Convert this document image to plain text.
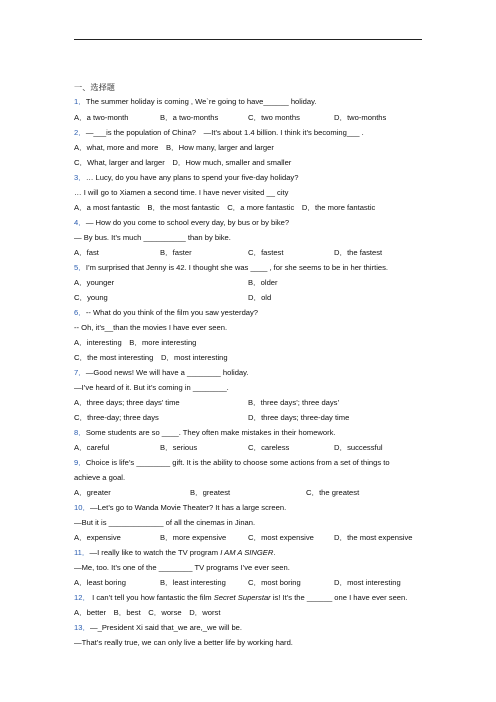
一、选择题
1．The summer holiday is coming , We`re going to have______ holiday.
A．a two-month	B．a two-months	C．two months	D．two-months
2．—___is the population of China?　—It’s about 1.4 billion. I think it’s becoming___ .
A．what, more and more　B．How many, larger and larger
C．What, larger and larger　D．How much, smaller and smaller
3．… Lucy, do you have any plans to spend your five-day holiday?
… I will go to Xiamen a second time. I have never visited __ city
A．a most fantastic　B．the most fantastic　C．a more fantastic　D．the more fantastic
4．— How do you come to school every day, by bus or by bike?
— By bus. It’s much __________ than by bike.
A．fast	B．faster	C．fastest	D．the fastest
5．I’m surprised that Jenny is 42. I thought she was ____ , for she seems to be in her thirties.
A．younger	B．older
C．young	D．old
6．-- What do you think of the film you saw yesterday?
-- Oh, it’s__than the movies I have ever seen.
A．interesting　B．more interesting
C．the most interesting　D．most interesting
7．—Good news! We will have a ________ holiday.
—I’ve heard of it. But it’s coming in ________.
A．three days; three days’ time	B．three days’; three days’
C．three-day; three days	D．three days; three-day time
8．Some students are so ____. They often make mistakes in their homework.
A．careful	B．serious	C．careless	D．successful
9．Choice is life’s ________ gift. It is the ability to choose some actions from a set of things to
achieve a goal.
A．greater	B．greatest	C．the greatest
10．—Let’s go to Wanda Movie Theater? It has a large screen.
—But it is _____________ of all the cinemas in Jinan.
A．expensive	B．more expensive	C．most expensive	D．the most expensive
11．—I really like to watch the TV program I AM A SINGER.
—Me, too. It’s one of the ________ TV programs I’ve ever seen.
A．least boring	B．least interesting	C．most boring	D．most interesting
12． I can’t tell you how fantastic the film Secret Superstar is! It’s the ______ one I have ever seen.
A．better　B．best　C．worse　D．worst
13．—_President Xi said that_we are,_we will be.
—That’s really true, we can only live a better life by working hard.
